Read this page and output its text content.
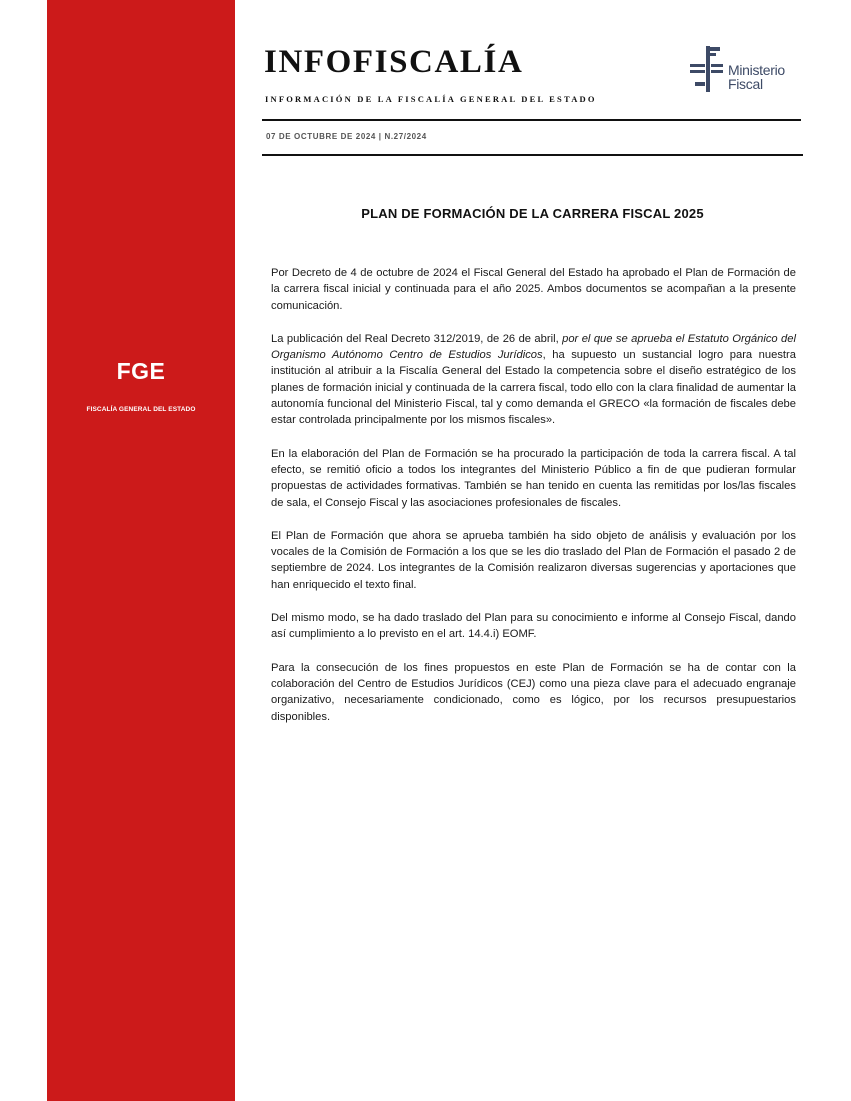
FGE
FISCALÍA GENERAL DEL ESTADO
INFOFISCALÍA
INFORMACIÓN DE LA FISCALÍA GENERAL DEL ESTADO
Ministerio
Fiscal
07 DE OCTUBRE DE 2024 | N.27/2024
PLAN DE FORMACIÓN DE LA CARRERA FISCAL 2025

Por Decreto de 4 de octubre de 2024 el Fiscal General del Estado ha aprobado el Plan de Formación de la carrera fiscal inicial y continuada para el año 2025. Ambos documentos se acompañan a la presente comunicación.

La publicación del Real Decreto 312/2019, de 26 de abril, por el que se aprueba el Estatuto Orgánico del Organismo Autónomo Centro de Estudios Jurídicos, ha supuesto un sustancial logro para nuestra institución al atribuir a la Fiscalía General del Estado la competencia sobre el diseño estratégico de los planes de formación inicial y continuada de la carrera fiscal, todo ello con la clara finalidad de aumentar la autonomía funcional del Ministerio Fiscal, tal y como demanda el GRECO «la formación de fiscales debe estar controlada principalmente por los mismos fiscales».

En la elaboración del Plan de Formación se ha procurado la participación de toda la carrera fiscal. A tal efecto, se remitió oficio a todos los integrantes del Ministerio Público a fin de que pudieran formular propuestas de actividades formativas. También se han tenido en cuenta las remitidas por los/las fiscales de sala, el Consejo Fiscal y las asociaciones profesionales de fiscales.

El Plan de Formación que ahora se aprueba también ha sido objeto de análisis y evaluación por los vocales de la Comisión de Formación a los que se les dio traslado del Plan de Formación el pasado 2 de septiembre de 2024. Los integrantes de la Comisión realizaron diversas sugerencias y aportaciones que han enriquecido el texto final.

Del mismo modo, se ha dado traslado del Plan para su conocimiento e informe al Consejo Fiscal, dando así cumplimiento a lo previsto en el art. 14.4.i) EOMF.

Para la consecución de los fines propuestos en este Plan de Formación se ha de contar con la colaboración del Centro de Estudios Jurídicos (CEJ) como una pieza clave para el adecuado engranaje organizativo, necesariamente condicionado, como es lógico, por los recursos presupuestarios disponibles.
